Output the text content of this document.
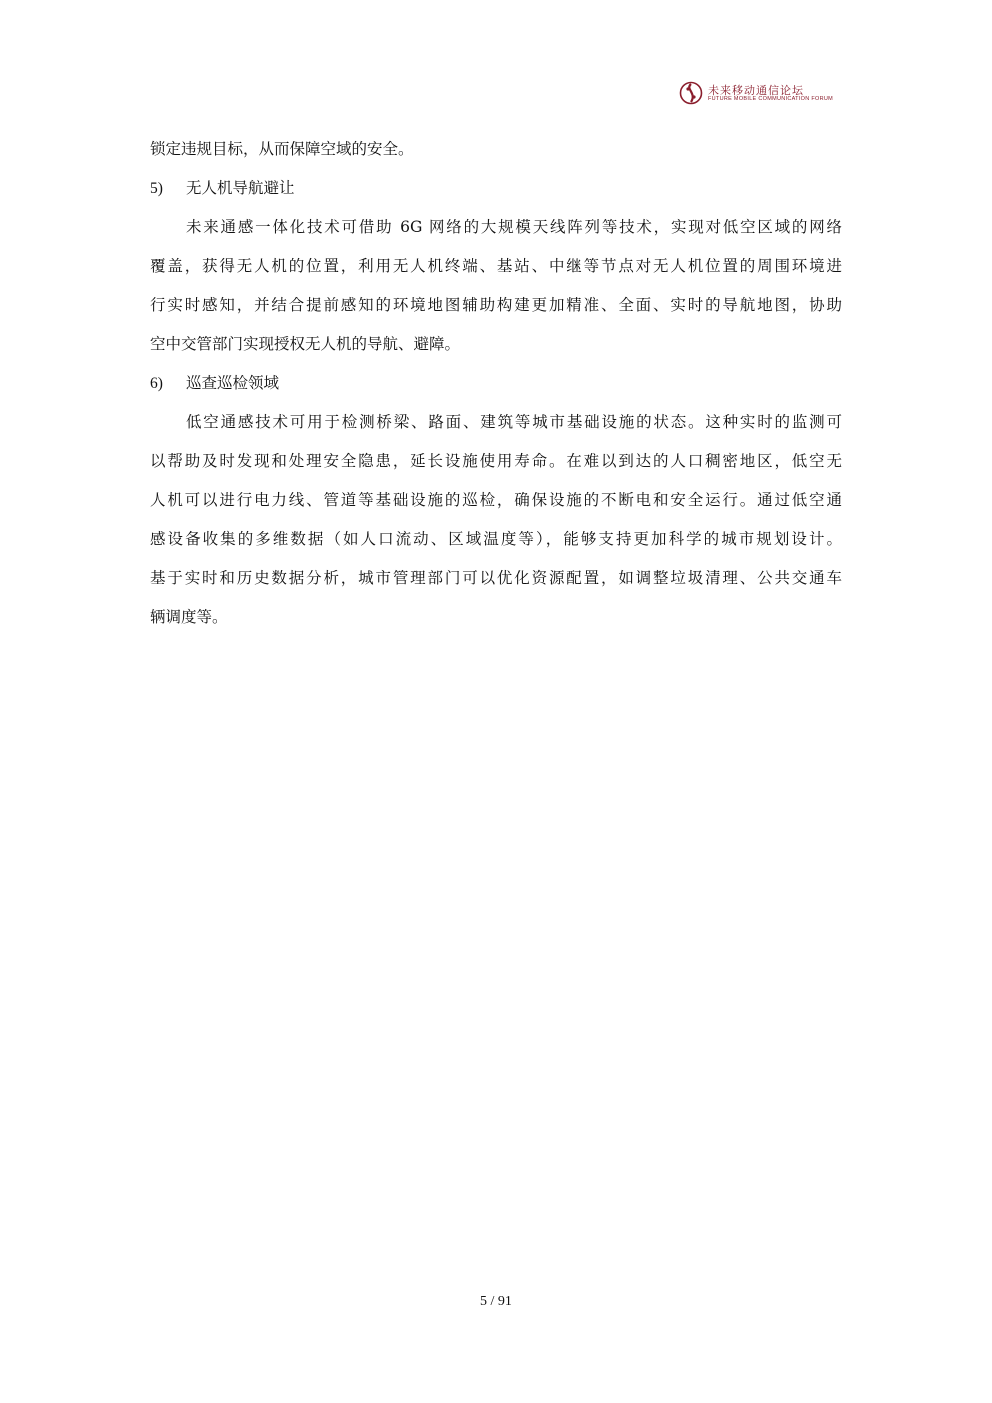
未来移动通信论坛
FUTURE MOBILE COMMUNICATION FORUM
锁定违规目标，从而保障空域的安全。
5) 无人机导航避让
未来通感一体化技术可借助 6G 网络的大规模天线阵列等技术，实现对低空区域的网络
覆盖，获得无人机的位置，利用无人机终端、基站、中继等节点对无人机位置的周围环境进
行实时感知，并结合提前感知的环境地图辅助构建更加精准、全面、实时的导航地图，协助
空中交管部门实现授权无人机的导航、避障。
6) 巡查巡检领域
低空通感技术可用于检测桥梁、路面、建筑等城市基础设施的状态。这种实时的监测可
以帮助及时发现和处理安全隐患，延长设施使用寿命。在难以到达的人口稠密地区，低空无
人机可以进行电力线、管道等基础设施的巡检，确保设施的不断电和安全运行。通过低空通
感设备收集的多维数据（如人口流动、区域温度等），能够支持更加科学的城市规划设计。
基于实时和历史数据分析，城市管理部门可以优化资源配置，如调整垃圾清理、公共交通车
辆调度等。
5 / 91
